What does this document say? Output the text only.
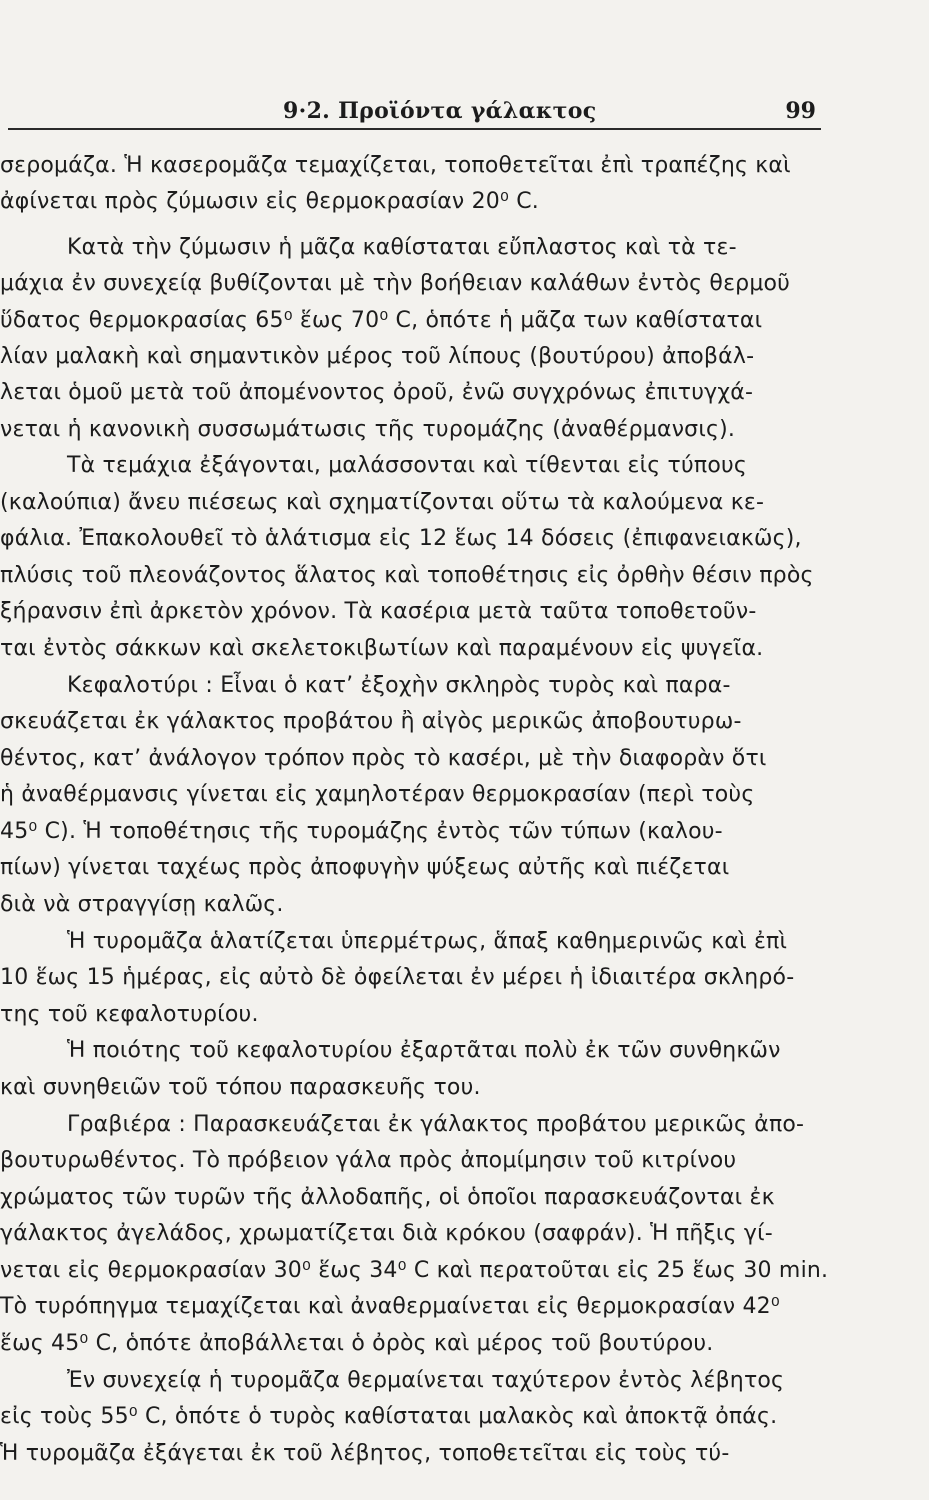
9·2. Προϊόντα γάλακτος	99
σερομάζα. Ἡ κασερομᾶζα τεμαχίζεται, τοποθετεῖται ἐπὶ τραπέζης καὶ
ἀφίνεται πρὸς ζύμωσιν εἰς θερμοκρασίαν 20⁰ C.
Κατὰ τὴν ζύμωσιν ἡ μᾶζα καθίσταται εὔπλαστος καὶ τὰ τε-
μάχια ἐν συνεχείᾳ βυθίζονται μὲ τὴν βοήθειαν καλάθων ἐντὸς θερμοῦ
ὕδατος θερμοκρασίας 65⁰ ἕως 70⁰ C, ὁπότε ἡ μᾶζα των καθίσταται
λίαν μαλακὴ καὶ σημαντικὸν μέρος τοῦ λίπους (βουτύρου) ἀποβάλ-
λεται ὁμοῦ μετὰ τοῦ ἀπομένοντος ὀροῦ, ἐνῶ συγχρόνως ἐπιτυγχά-
νεται ἡ κανονικὴ συσσωμάτωσις τῆς τυρομάζης (ἀναθέρμανσις).
Τὰ τεμάχια ἐξάγονται, μαλάσσονται καὶ τίθενται εἰς τύπους
(καλούπια) ἄνευ πιέσεως καὶ σχηματίζονται οὕτω τὰ καλούμενα κε-
φάλια. Ἐπακολουθεῖ τὸ ἁλάτισμα εἰς 12 ἕως 14 δόσεις (ἐπιφανειακῶς),
πλύσις τοῦ πλεονάζοντος ἅλατος καὶ τοποθέτησις εἰς ὀρθὴν θέσιν πρὸς
ξήρανσιν ἐπὶ ἀρκετὸν χρόνον. Τὰ κασέρια μετὰ ταῦτα τοποθετοῦν-
ται ἐντὸς σάκκων καὶ σκελετοκιβωτίων καὶ παραμένουν εἰς ψυγεῖα.
Κεφαλοτύρι : Εἶναι ὁ κατ’ ἐξοχὴν σκληρὸς τυρὸς καὶ παρα-
σκευάζεται ἐκ γάλακτος προβάτου ἢ αἰγὸς μερικῶς ἀποβουτυρω-
θέντος, κατ’ ἀνάλογον τρόπον πρὸς τὸ κασέρι, μὲ τὴν διαφορὰν ὅτι
ἡ ἀναθέρμανσις γίνεται εἰς χαμηλοτέραν θερμοκρασίαν (περὶ τοὺς
45⁰ C). Ἡ τοποθέτησις τῆς τυρομάζης ἐντὸς τῶν τύπων (καλου-
πίων) γίνεται ταχέως πρὸς ἀποφυγὴν ψύξεως αὐτῆς καὶ πιέζεται
διὰ νὰ στραγγίσῃ καλῶς.
Ἡ τυρομᾶζα ἁλατίζεται ὑπερμέτρως, ἅπαξ καθημερινῶς καὶ ἐπὶ
10 ἕως 15 ἡμέρας, εἰς αὐτὸ δὲ ὀφείλεται ἐν μέρει ἡ ἰδιαιτέρα σκληρό-
της τοῦ κεφαλοτυρίου.
Ἡ ποιότης τοῦ κεφαλοτυρίου ἐξαρτᾶται πολὺ ἐκ τῶν συνθηκῶν
καὶ συνηθειῶν τοῦ τόπου παρασκευῆς του.
Γραβιέρα : Παρασκευάζεται ἐκ γάλακτος προβάτου μερικῶς ἀπο-
βουτυρωθέντος. Τὸ πρόβειον γάλα πρὸς ἀπομίμησιν τοῦ κιτρίνου
χρώματος τῶν τυρῶν τῆς ἀλλοδαπῆς, οἱ ὁποῖοι παρασκευάζονται ἐκ
γάλακτος ἀγελάδος, χρωματίζεται διὰ κρόκου (σαφράν). Ἡ πῆξις γί-
νεται εἰς θερμοκρασίαν 30⁰ ἕως 34⁰ C καὶ περατοῦται εἰς 25 ἕως 30 min.
Τὸ τυρόπηγμα τεμαχίζεται καὶ ἀναθερμαίνεται εἰς θερμοκρασίαν 42⁰
ἕως 45⁰ C, ὁπότε ἀποβάλλεται ὁ ὀρὸς καὶ μέρος τοῦ βουτύρου.
Ἐν συνεχείᾳ ἡ τυρομᾶζα θερμαίνεται ταχύτερον ἐντὸς λέβητος
εἰς τοὺς 55⁰ C, ὁπότε ὁ τυρὸς καθίσταται μαλακὸς καὶ ἀποκτᾷ ὀπάς.
Ἡ τυρομᾶζα ἐξάγεται ἐκ τοῦ λέβητος, τοποθετεῖται εἰς τοὺς τύ-
